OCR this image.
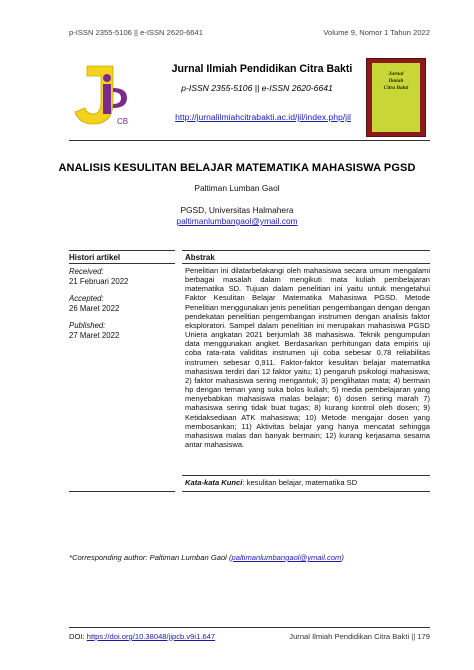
p-ISSN 2355-5106 || e-ISSN 2620-6641	Volume 9, Nomor 1 Tahun 2022
CB
Jurnal Ilmiah Pendidikan Citra Bakti
p-ISSN 2355-5106 || e-ISSN 2620-6641
http://jurnalilmiahcitrabakti.ac.id/jil/index.php/jil
Jurnal
Ilmiah
Citra Bakti
ANALISIS KESULITAN BELAJAR MATEMATIKA MAHASISWA PGSD
Paltiman Lumban Gaol
PGSD, Universitas Halmahera
paltimanlumbangaol@ymail.com
Histori artikel	Abstrak
Received:
21 Februari 2022
Accepted:
26 Maret 2022
Published:
27 Maret 2022
Penelitian ini dilatarbelakangi oleh mahasiswa secara umum mengalami berbagai masalah dalam mengikuti mata kuliah pembelajaran matematika SD. Tujuan dalam penelitian ini yaitu untuk mengetahui Faktor Kesulitan Belajar Matematika Mahasiswa PGSD. Metode Penelitian menggunakan jenis penelitian pengembangan dengan dengan pendekatan penelitian pengembangan instrumen dengan analisis faktor eksploratori. Sampel dalam penelitian ini merupakan mahasiswa PGSD Uniera angkatan 2021 berjumlah 38 mahasiswa. Teknik pengumpulan data menggunakan angket. Berdasarkan perhitungan data empiris uji coba rata-rata validitas instrumen uji coba sebesar 0,78 reliabilitas instrumen sebesar 0,911. Faktor-faktor kesulitan belajar matematika mahasiswa terdiri dari 12 faktor yaitu; 1) pengaruh psikologi mahasiswa; 2) faktor mahasiswa sering mengantuk; 3) penglihatan mata; 4) bermain hp dengan teman yang suka bolos kuliah; 5) media pembelajaran yang menyebabkan mahasiswa malas belajar; 6) dosen sering marah 7) mahasiswa sering tidak buat tugas; 8) kurang kontrol oleh dosen; 9) Ketidaksediaan ATK mahasiswa; 10) Metode mengajar dosen yang membosankan; 11) Aktivitas belajar yang hanya mencatat sehingga mahasiswa malas dan banyak bermain; 12) kurang kerjasama sesama antar mahasiswa.
Kata-kata Kunci: kesulitan belajar, matematika SD
*Corresponding author: Paltiman Lumban Gaol (paltimanlumbangaol@ymail.com)
DOI: https://doi.org/10.38048/jipcb.v9i1.647	Jurnal Ilmiah Pendidikan Citra Bakti || 179
